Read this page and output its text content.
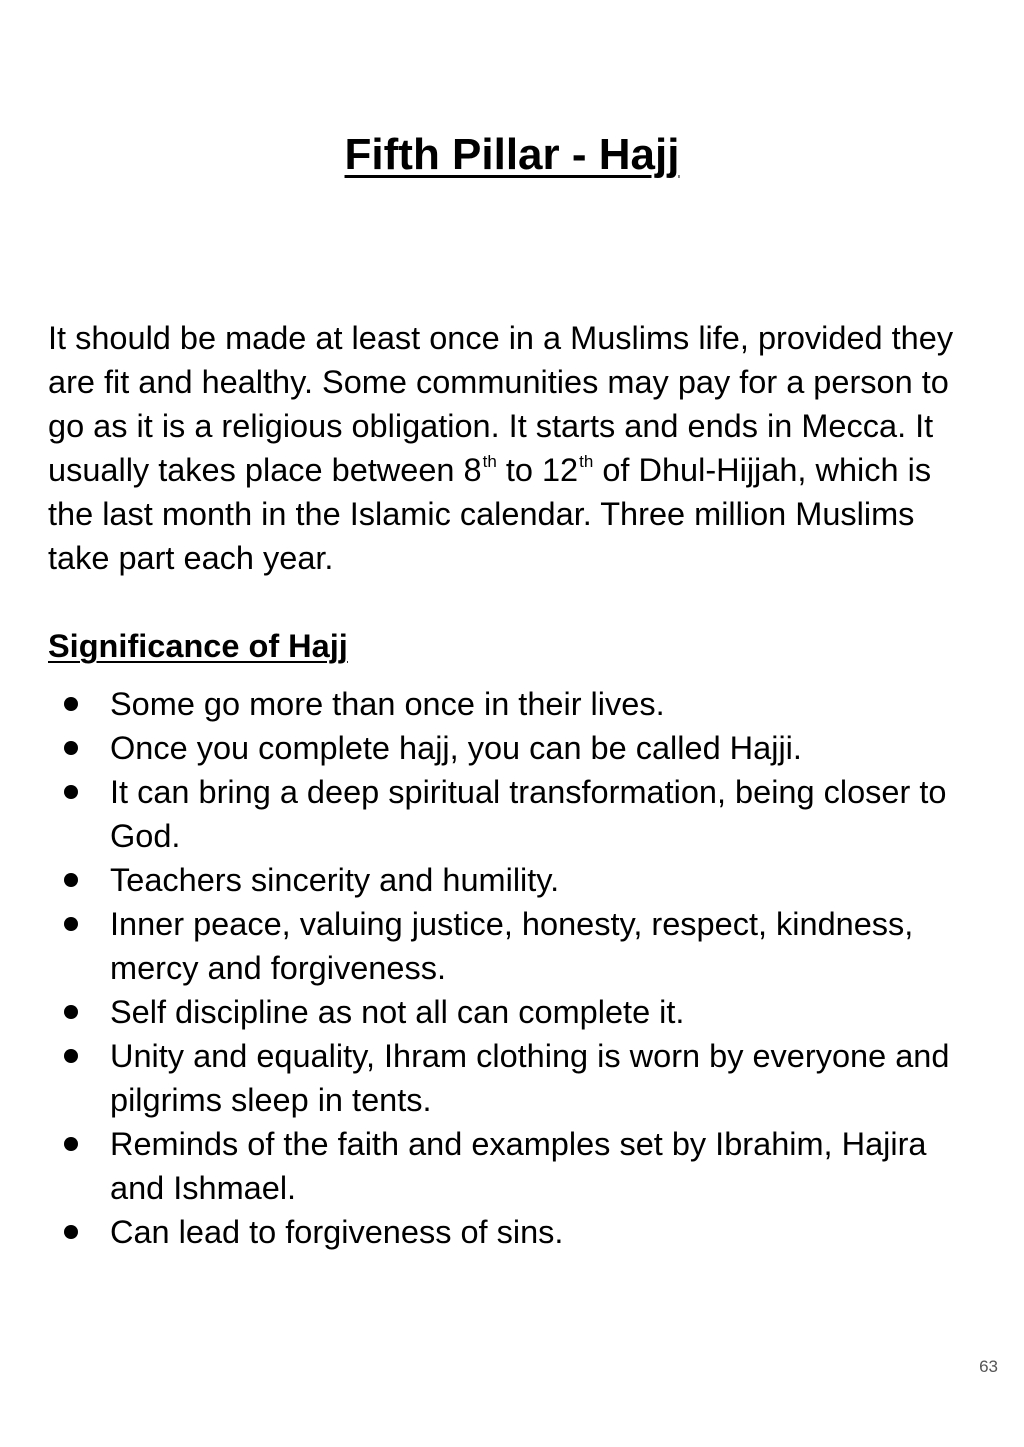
Fifth Pillar - Hajj

It should be made at least once in a Muslims life, provided they are fit and healthy. Some communities may pay for a person to go as it is a religious obligation. It starts and ends in Mecca. It usually takes place between 8th to 12th of Dhul-Hijjah, which is the last month in the Islamic calendar. Three million Muslims take part each year.

Significance of Hajj
Some go more than once in their lives.
Once you complete hajj, you can be called Hajji.
It can bring a deep spiritual transformation, being closer to God.
Teachers sincerity and humility.
Inner peace, valuing justice, honesty, respect, kindness, mercy and forgiveness.
Self discipline as not all can complete it.
Unity and equality, Ihram clothing is worn by everyone and pilgrims sleep in tents.
Reminds of the faith and examples set by Ibrahim, Hajira and Ishmael.
Can lead to forgiveness of sins.
63
